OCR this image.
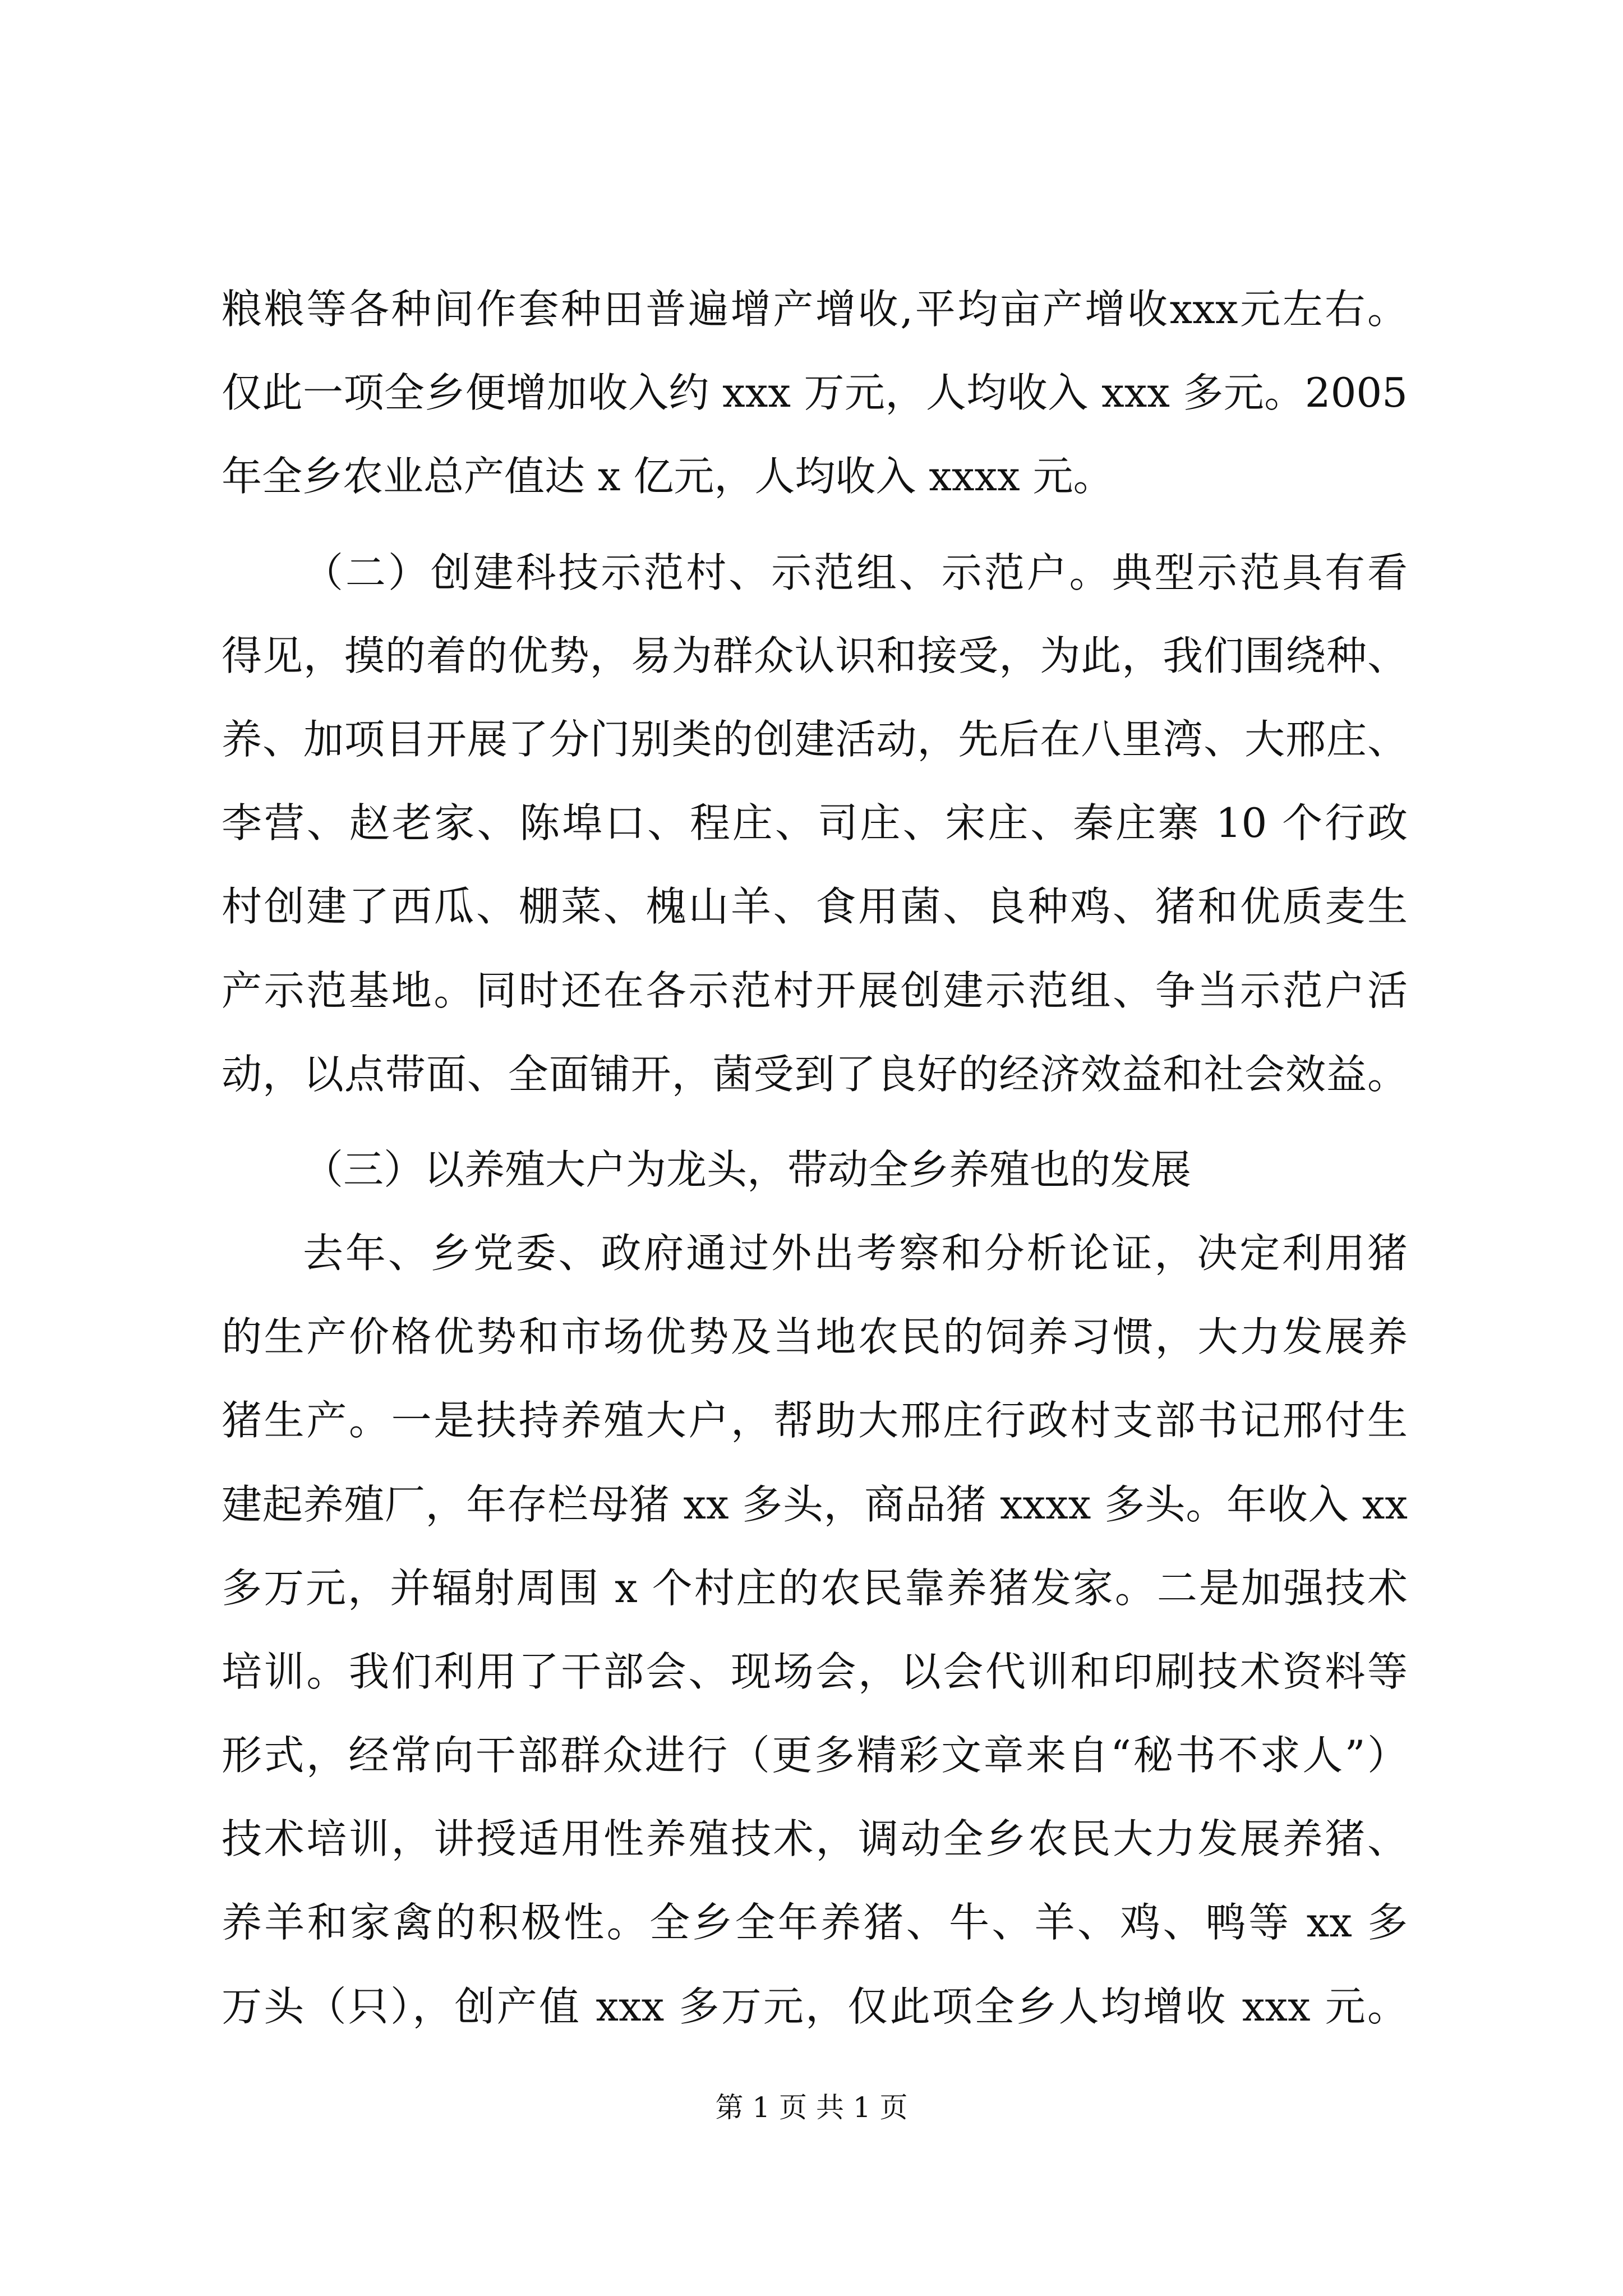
粮粮等各种间作套种田普遍增产增收,平均亩产增收xxx元左右。
仅此一项全乡便增加收入约 xxx 万元，人均收入 xxx 多元。2005
年全乡农业总产值达 x 亿元，人均收入 xxxx 元。
（二）创建科技示范村、示范组、示范户。典型示范具有看
得见，摸的着的优势，易为群众认识和接受，为此，我们围绕种、
养、加项目开展了分门别类的创建活动，先后在八里湾、大邢庄、
李营、赵老家、陈埠口、程庄、司庄、宋庄、秦庄寨 10 个行政
村创建了西瓜、棚菜、槐山羊、食用菌、良种鸡、猪和优质麦生
产示范基地。同时还在各示范村开展创建示范组、争当示范户活
动，以点带面、全面铺开，菌受到了良好的经济效益和社会效益。
（三）以养殖大户为龙头，带动全乡养殖也的发展
去年、乡党委、政府通过外出考察和分析论证，决定利用猪
的生产价格优势和市场优势及当地农民的饲养习惯，大力发展养
猪生产。一是扶持养殖大户，帮助大邢庄行政村支部书记邢付生
建起养殖厂，年存栏母猪 xx 多头，商品猪 xxxx 多头。年收入 xx
多万元，并辐射周围 x 个村庄的农民靠养猪发家。二是加强技术
培训。我们利用了干部会、现场会，以会代训和印刷技术资料等
形式，经常向干部群众进行（更多精彩文章来自“秘书不求人”）
技术培训，讲授适用性养殖技术，调动全乡农民大力发展养猪、
养羊和家禽的积极性。全乡全年养猪、牛、羊、鸡、鸭等 xx 多
万头（只），创产值 xxx 多万元，仅此项全乡人均增收 xxx 元。
第 1 页 共 1 页
